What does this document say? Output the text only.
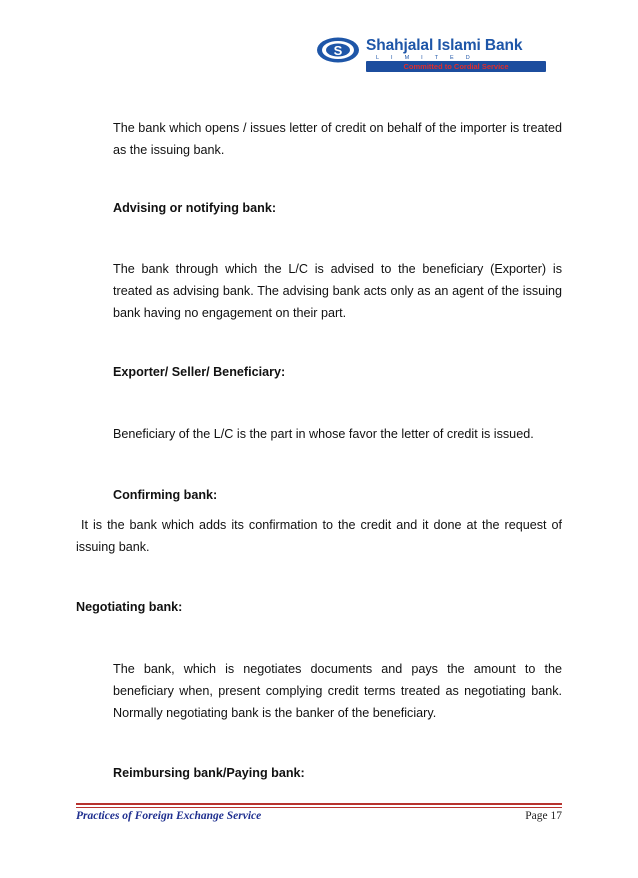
S Shahjalal Islami Bank
LIMITED
Committed to Cordial Service

The bank which opens / issues letter of credit on behalf of the importer is treated as the issuing bank.

Advising or notifying bank:

The bank through which the L/C is advised to the beneficiary (Exporter) is treated as advising bank. The advising bank acts only as an agent of the issuing bank having no engagement on their part.

Exporter/ Seller/ Beneficiary:

Beneficiary of the L/C is the part in whose favor the letter of credit is issued.

Confirming bank:

It is the bank which adds its confirmation to the credit and it done at the request of issuing bank.

Negotiating bank:

The bank, which is negotiates documents and pays the amount to the beneficiary when, present complying credit terms treated as negotiating bank. Normally negotiating bank is the banker of the beneficiary.

Reimbursing bank/Paying bank:

Practices of Foreign Exchange Service	Page 17
